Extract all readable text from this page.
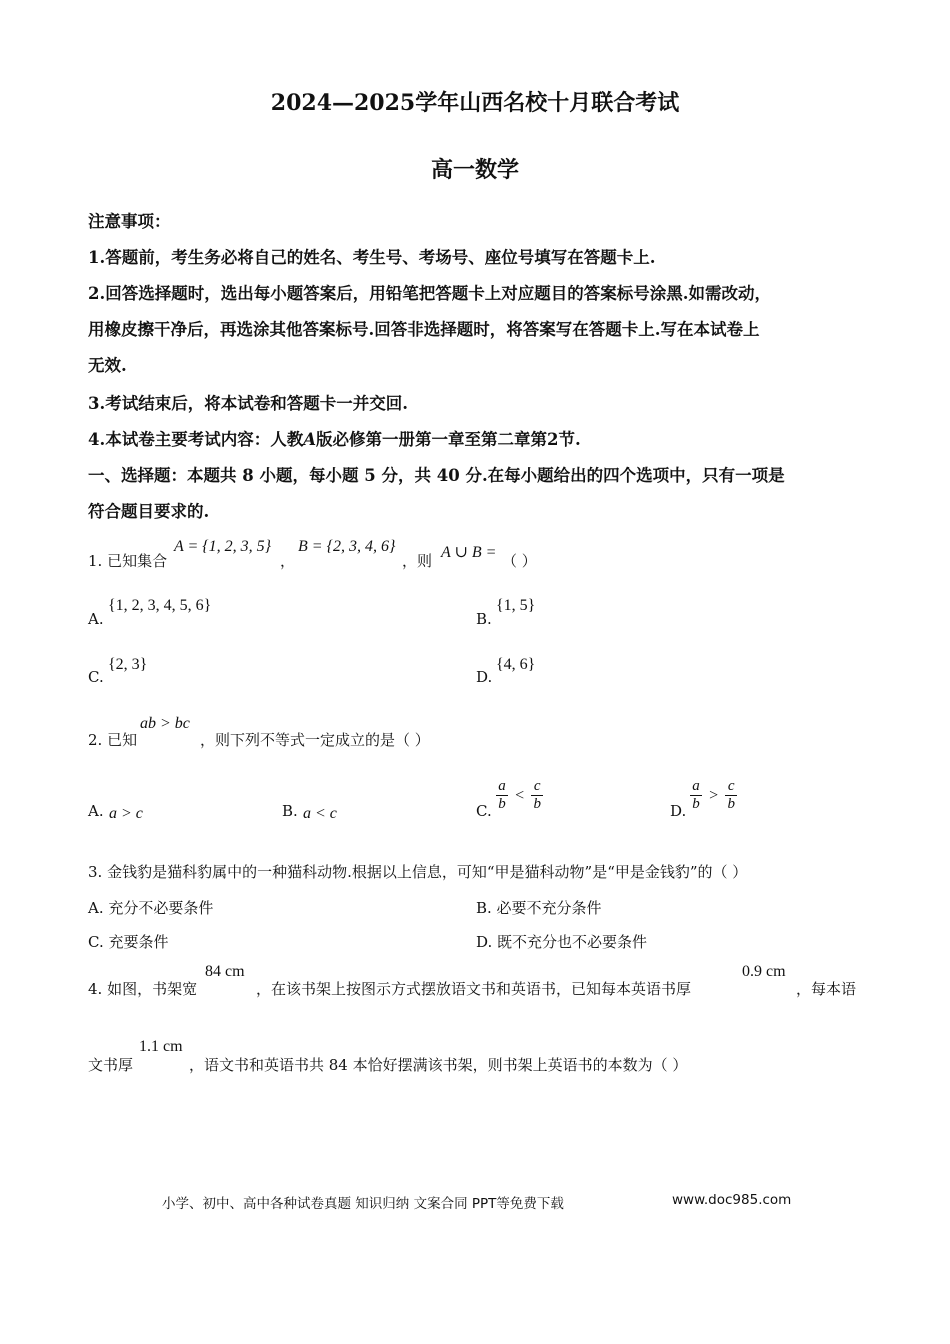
2024—2025学年山西名校十月联合考试
高一数学
注意事项：
1.答题前，考生务必将自己的姓名、考生号、考场号、座位号填写在答题卡上.
2.回答选择题时，选出每小题答案后，用铅笔把答题卡上对应题目的答案标号涂黑.如需改动，
用橡皮擦干净后，再选涂其他答案标号.回答非选择题时，将答案写在答题卡上.写在本试卷上
无效.
3.考试结束后，将本试卷和答题卡一并交回.
4.本试卷主要考试内容：人教A版必修第一册第一章至第二章第2节.
一、选择题：本题共 8 小题，每小题 5 分，共 40 分.在每小题给出的四个选项中，只有一项是
符合题目要求的.
1. 已知集合
A = {1, 2, 3, 5}
，
B = {2, 3, 4, 6}
，则 A ∪ B = （ ）
A.
{1, 2, 3, 4, 5, 6}
B.
{1, 5}
C.
{2, 3}
D.
{4, 6}
2. 已知
ab > bc
，则下列不等式一定成立的是（ ）
A. a > c	B. a < c	C. $\frac{a}{b} < \frac{c}{b}$	D. $\frac{a}{b} > \frac{c}{b}$
3. 金钱豹是猫科豹属中的一种猫科动物.根据以上信息，可知“甲是猫科动物”是“甲是金钱豹”的（ ）
A. 充分不必要条件	B. 必要不充分条件
C. 充要条件	D. 既不充分也不必要条件
4. 如图，书架宽
84 cm
，在该书架上按图示方式摆放语文书和英语书，已知每本英语书厚
0.9 cm
，每本语
文书厚
1.1 cm
，语文书和英语书共 84 本恰好摆满该书架，则书架上英语书的本数为（ ）
小学、初中、高中各种试卷真题 知识归纳 文案合同 PPT等免费下载	www.doc985.com
